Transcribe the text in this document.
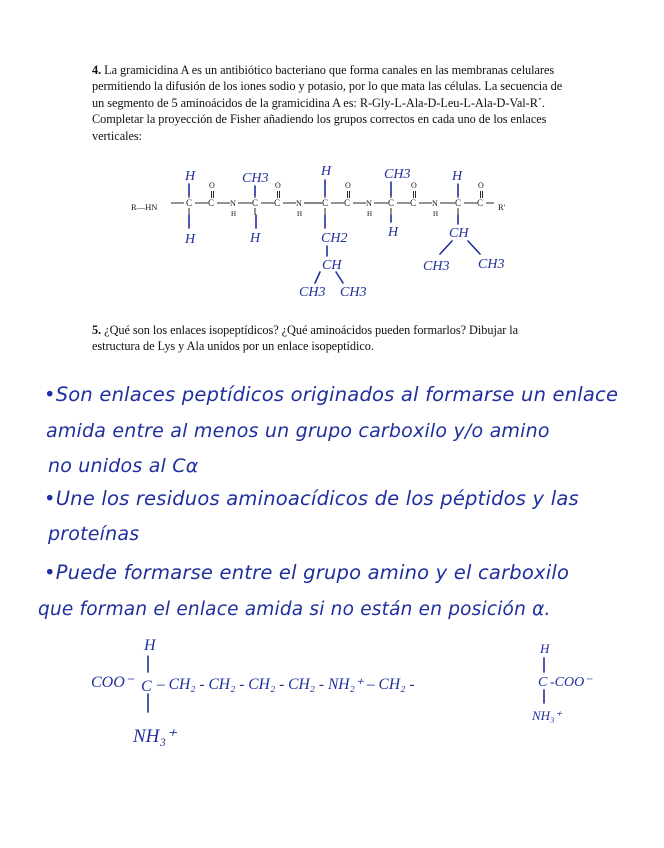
4. La gramicidina A es un antibiótico bacteriano que forma canales en las membranas celulares permitiendo la difusión de los iones sodio y potasio, por lo que mata las células. La secuencia de un segmento de 5 aminoácidos de la gramicidina A es: R-Gly-L-Ala-D-Leu-L-Ala-D-Val-R´. Completar la proyección de Fisher añadiendo los grupos correctos en cada uno de los enlaces verticales:
R—HN	R'
C C
O
N
H
C C
O
N
H
C C
O
N
H
C C
O
N
H
C C
O
H	CH3	H	CH3	H
H	H	CH2	H	CH
CH
CH3 CH3
CH3 CH3
5. ¿Qué son los enlaces isopeptídicos? ¿Qué aminoácidos pueden formarlos? Dibujar la estructura de Lys y Ala unidos por un enlace isopeptídico.
•Son enlaces peptídicos originados al formarse un enlace
amida entre al menos un grupo carboxilo y/o amino
no unidos al Cα
•Une los residuos aminoacídicos de los péptidos y las
proteínas
•Puede formarse entre el grupo amino y el carboxilo
que forman el enlace amida si no están en posición α.
H
COO⁻ C
NH₃⁺
– CH₂ - CH₂ - CH₂ - CH₂ - NH₂⁺ – CH₂ -
H
C -COO⁻
NH₃⁺
